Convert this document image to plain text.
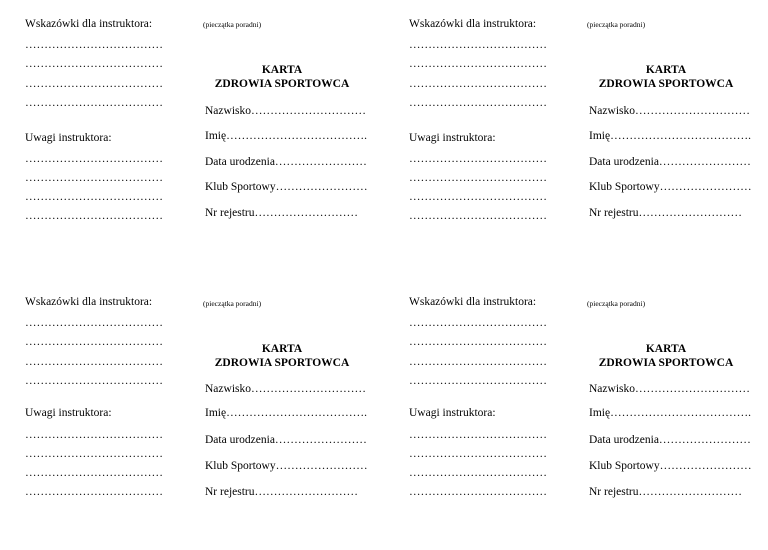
Wskazówki dla instruktora:	(pieczątka poradni)
………………………………
………………………………	KARTA
ZDROWIA SPORTOWCA
………………………………
………………………………
Nazwisko…………………………
Uwagi instruktora:	Imię……………………………….
………………………………	Data urodzenia……………………
………………………………
Klub Sportowy……………………
………………………………
………………………………	Nr rejestru………………………
Wskazówki dla instruktora:	(pieczątka poradni)
………………………………
………………………………	KARTA
ZDROWIA SPORTOWCA
………………………………
………………………………
Nazwisko…………………………
Uwagi instruktora:	Imię……………………………….
………………………………	Data urodzenia……………………
………………………………
Klub Sportowy……………………
………………………………
………………………………	Nr rejestru………………………
Wskazówki dla instruktora:	(pieczątka poradni)
………………………………
………………………………
KARTA
ZDROWIA SPORTOWCA
………………………………
………………………………
Nazwisko…………………………
Uwagi instruktora:	Imię……………………………….
………………………………	Data urodzenia……………………
………………………………
Klub Sportowy……………………
………………………………
………………………………	Nr rejestru………………………
Wskazówki dla instruktora:	(pieczątka poradni)
………………………………
………………………………
KARTA
ZDROWIA SPORTOWCA
………………………………
………………………………
Nazwisko…………………………
Uwagi instruktora:	Imię……………………………….
………………………………	Data urodzenia……………………
………………………………
Klub Sportowy……………………
………………………………
………………………………	Nr rejestru………………………
